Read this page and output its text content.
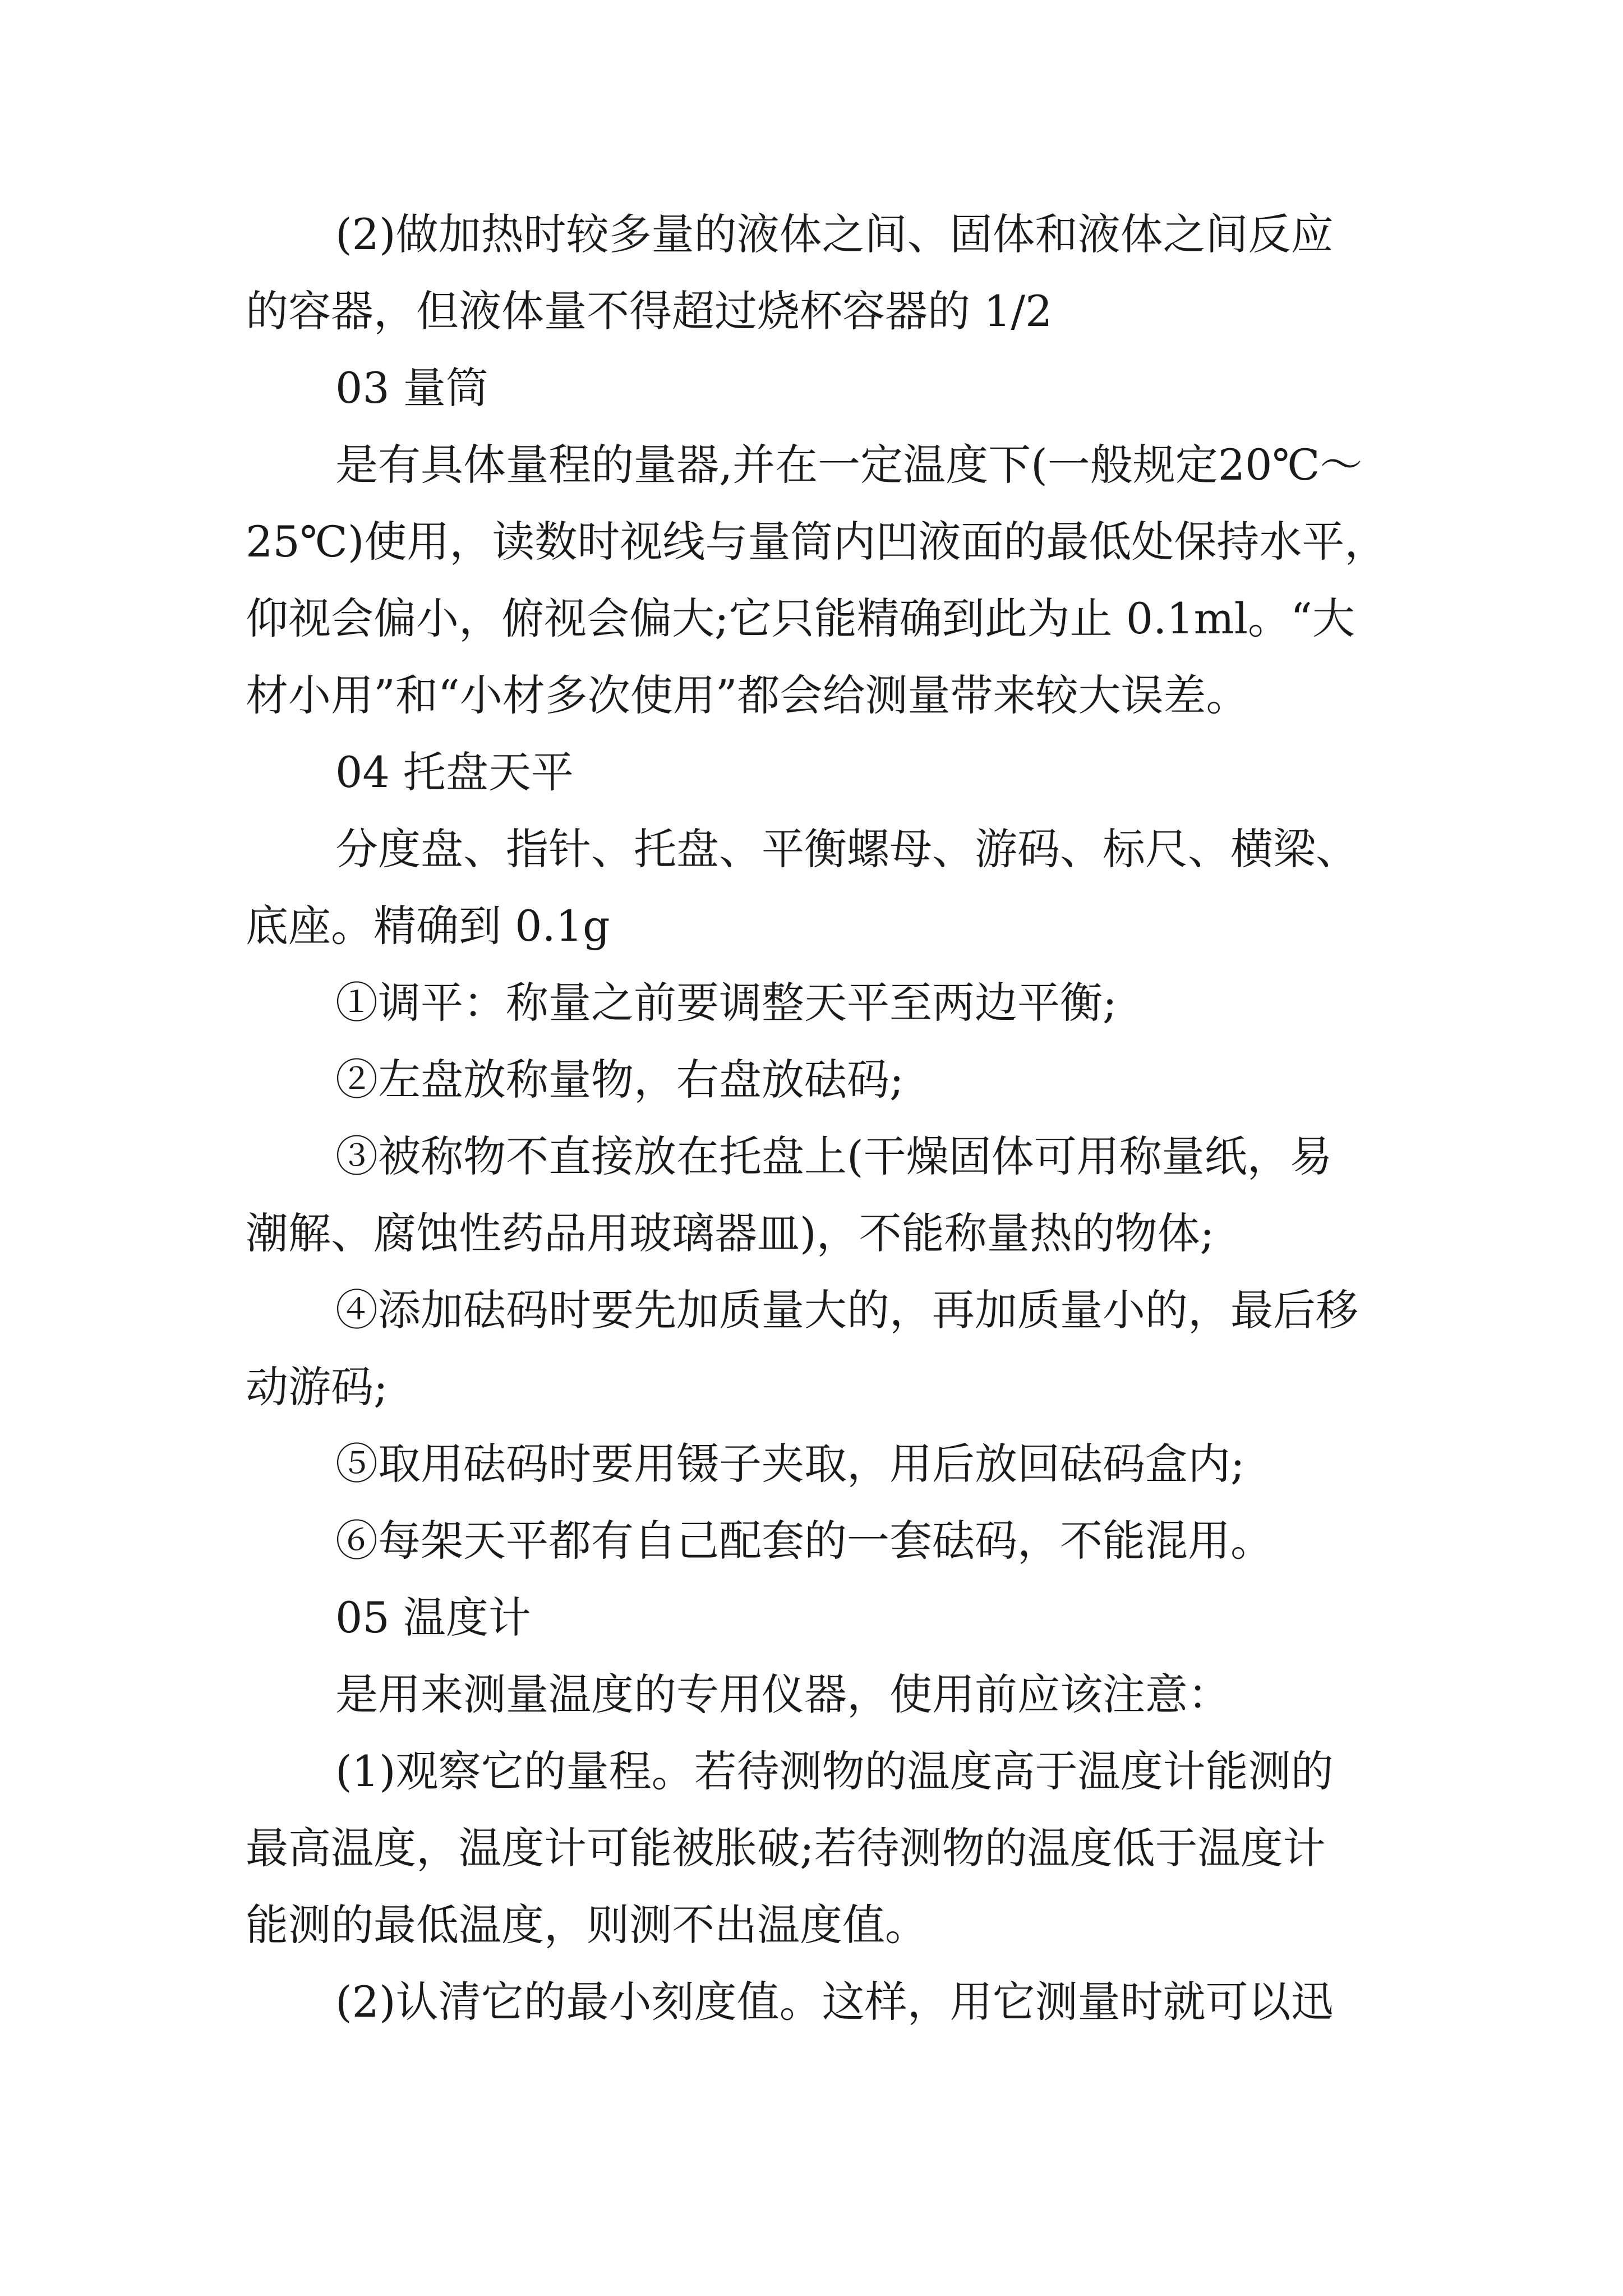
(2)做加热时较多量的液体之间、固体和液体之间反应
的容器，但液体量不得超过烧杯容器的 1/2
03 量筒
是有具体量程的量器,并在一定温度下(一般规定20℃～
25℃)使用，读数时视线与量筒内凹液面的最低处保持水平，
仰视会偏小，俯视会偏大;它只能精确到此为止 0.1ml。“大
材小用”和“小材多次使用”都会给测量带来较大误差。
04 托盘天平
分度盘、指针、托盘、平衡螺母、游码、标尺、横梁、
底座。精确到 0.1g
①调平：称量之前要调整天平至两边平衡;
②左盘放称量物，右盘放砝码;
③被称物不直接放在托盘上(干燥固体可用称量纸，易
潮解、腐蚀性药品用玻璃器皿)，不能称量热的物体;
④添加砝码时要先加质量大的，再加质量小的，最后移
动游码;
⑤取用砝码时要用镊子夹取，用后放回砝码盒内;
⑥每架天平都有自己配套的一套砝码，不能混用。
05 温度计
是用来测量温度的专用仪器，使用前应该注意：
(1)观察它的量程。若待测物的温度高于温度计能测的
最高温度，温度计可能被胀破;若待测物的温度低于温度计
能测的最低温度，则测不出温度值。
(2)认清它的最小刻度值。这样，用它测量时就可以迅
